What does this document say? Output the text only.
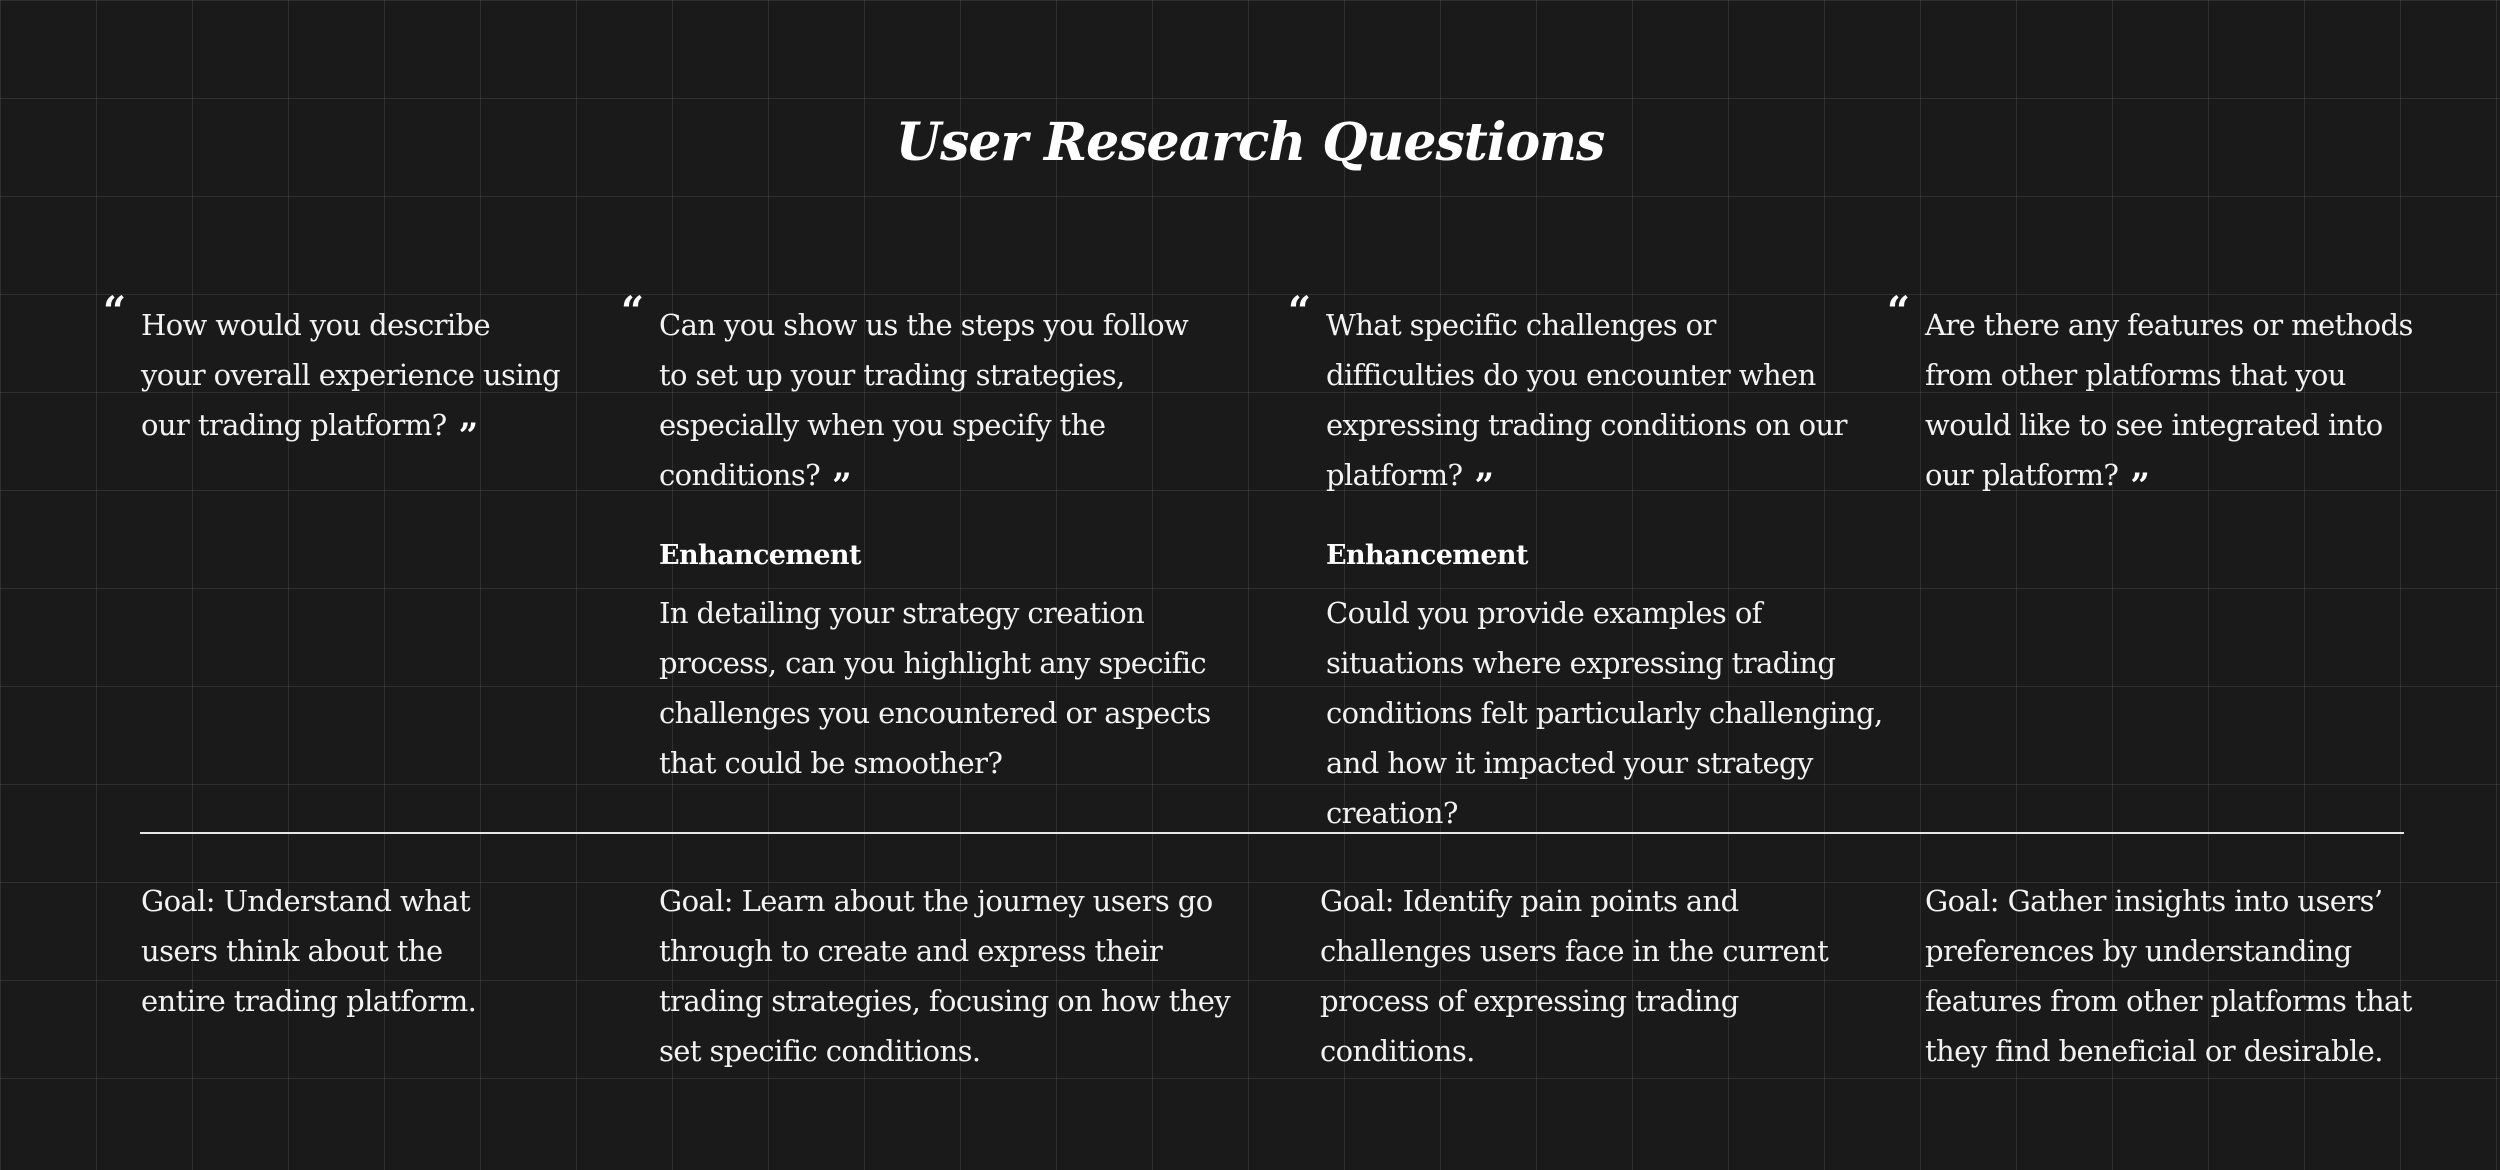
User Research Questions
“ How would you describe your overall experience using our trading platform? ”
“ Can you show us the steps you follow to set up your trading strategies, especially when you specify the conditions? ”
Enhancement
In detailing your strategy creation process, can you highlight any specific challenges you encountered or aspects that could be smoother?
“ What specific challenges or difficulties do you encounter when expressing trading conditions on our platform? ”
Enhancement
Could you provide examples of situations where expressing trading conditions felt particularly challenging, and how it impacted your strategy creation?
“ Are there any features or methods from other platforms that you would like to see integrated into our platform? ”
Goal: Understand what users think about the entire trading platform.
Goal: Learn about the journey users go through to create and express their trading strategies, focusing on how they set specific conditions.
Goal: Identify pain points and challenges users face in the current process of expressing trading conditions.
Goal: Gather insights into users’ preferences by understanding features from other platforms that they find beneficial or desirable.
